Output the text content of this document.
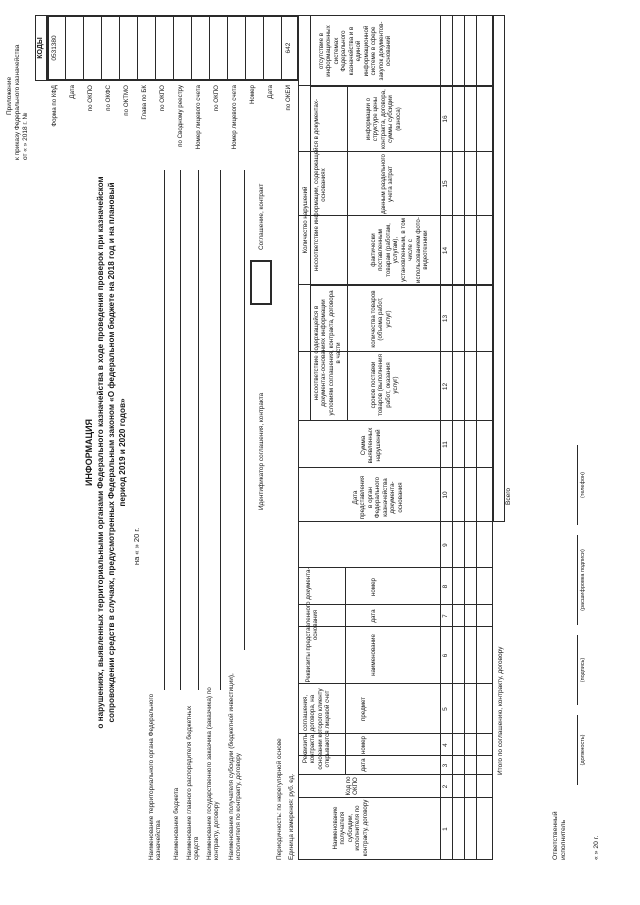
Приложение к приказу Федерального казначейства от « » 2018 г. №
ИНФОРМАЦИЯ о нарушениях, выявленных территориальными органами Федерального казначейства в ходе проведения проверок при казначейском сопровождении средств в случаях, предусмотренных Федеральным законом «О федеральном бюджете на 2018 год и на плановый период 2019 и 2020 годов»
на « » 20 г.
Наименование территориального органа Федерального казначейства Наименование бюджета Наименование главного распорядителя бюджетных средств Наименование государственного заказчика (заказчика) по контракту, договору Наименование получателя субсидии (бюджетной инвестиции), исполнителя по контракту, договору	Периодичность: по нерегулярной основе Единица измерения: руб. ед.
Идентификатор соглашения, контракта
Соглашение, контракт
КОДЫ
Форма по КФД
0531380
Дата по ОКПО по ОКФС по ОКТМО Глава по БК по ОКПО по Сводному реестру Номер лицевого счета по ОКПО Номер лицевого счета Номер Дата по ОКЕИ
642
Наименование получателя субсидии, исполнителя по контракту, договору
Код по ОКПО
Реквизиты соглашения, контракта, договора, на основании которого клиенту открываются лицевой счет	дата
номер
предмет
Реквизиты представленного документа-основания
наименование
дата
номер
Дата представления в орган Федерального казначейства документа-основания
Сумма выявленных нарушений
Количество нарушений
несоответствие содержащейся в документах-основаниях информации условиям соглашения, контракта, договора в части
сроков поставки товаров (выполнения работ, оказания услуг)
количества товаров (объема работ, услуг)
несоответствие информации, содержащейся в документах-основаниях
фактически поставленным товарам (работам, услугам), установленным, в том числе с использованием фото-видеотехники
данным раздельного учета затрат
информации о структуре цены контракта, договора, суммы субсидии (взноса)
отсутствие в информационных системах Федерального казначейства и в единой информационной системе в сфере закупок документов-оснований
1
2
3
4
5
6
7
8
9
10
11
12
13
14
15
16
Итого по соглашению, контракту, договору
Всего
Ответственный исполнитель
(должность)
(подпись)
(расшифровка подписи)
(телефон)
« » 20 г.
